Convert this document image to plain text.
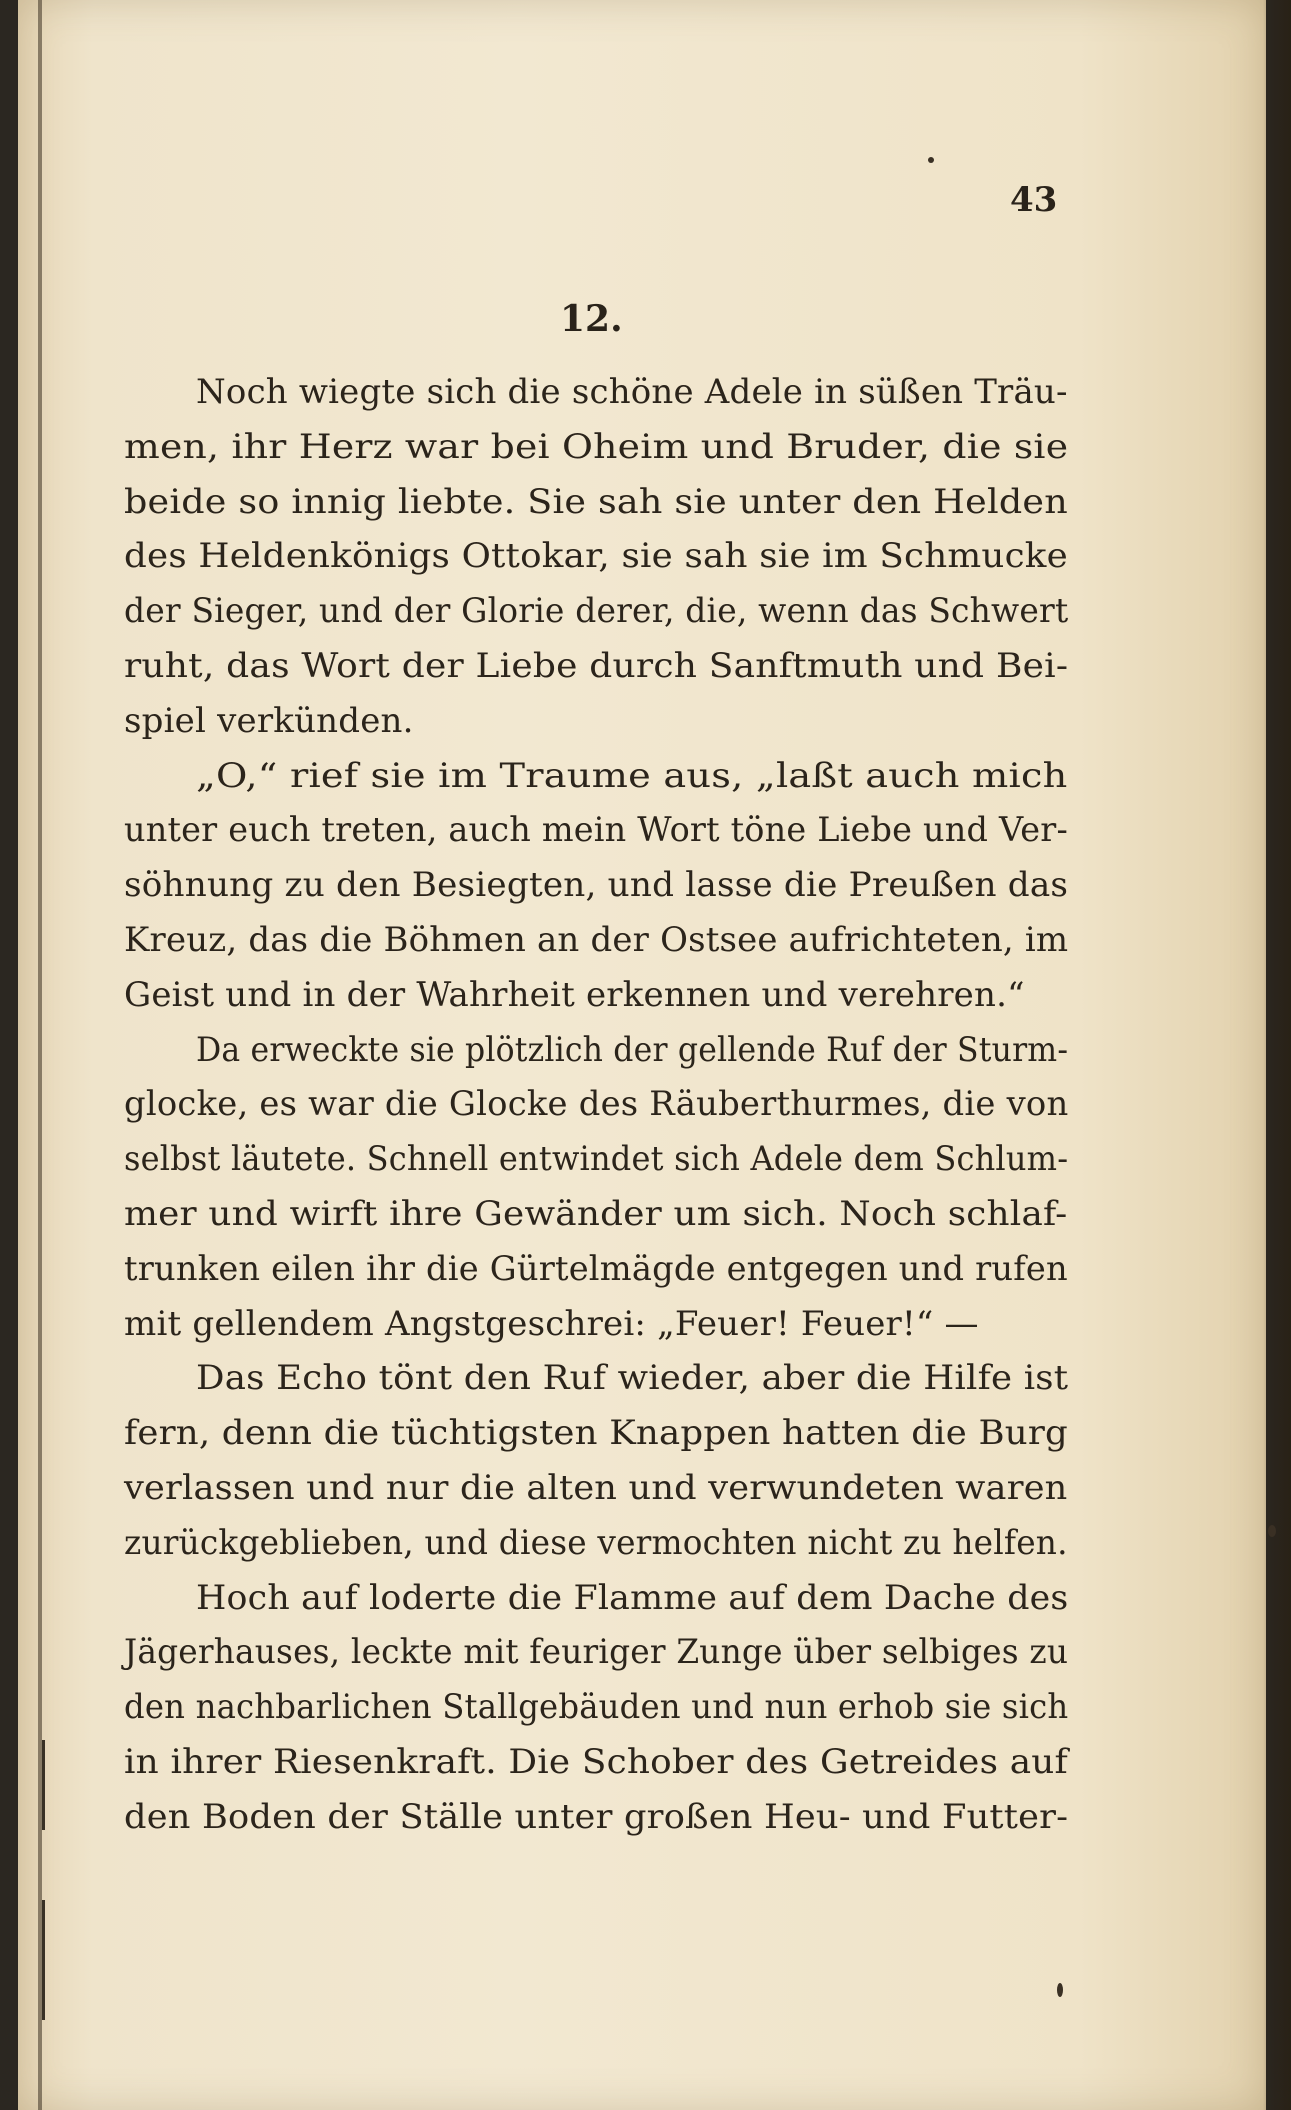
43
12.
Noch wiegte sich die schöne Adele in süßen Träu-
men, ihr Herz war bei Oheim und Bruder, die sie
beide so innig liebte. Sie sah sie unter den Helden
des Heldenkönigs Ottokar, sie sah sie im Schmucke
der Sieger, und der Glorie derer, die, wenn das Schwert
ruht, das Wort der Liebe durch Sanftmuth und Bei-
spiel verkünden.
„O,“ rief sie im Traume aus, „laßt auch mich
unter euch treten, auch mein Wort töne Liebe und Ver-
söhnung zu den Besiegten, und lasse die Preußen das
Kreuz, das die Böhmen an der Ostsee aufrichteten, im
Geist und in der Wahrheit erkennen und verehren.“
Da erweckte sie plötzlich der gellende Ruf der Sturm-
glocke, es war die Glocke des Räuberthurmes, die von
selbst läutete. Schnell entwindet sich Adele dem Schlum-
mer und wirft ihre Gewänder um sich. Noch schlaf-
trunken eilen ihr die Gürtelmägde entgegen und rufen
mit gellendem Angstgeschrei: „Feuer! Feuer!“ —
Das Echo tönt den Ruf wieder, aber die Hilfe ist
fern, denn die tüchtigsten Knappen hatten die Burg
verlassen und nur die alten und verwundeten waren
zurückgeblieben, und diese vermochten nicht zu helfen.
Hoch auf loderte die Flamme auf dem Dache des
Jägerhauses, leckte mit feuriger Zunge über selbiges zu
den nachbarlichen Stallgebäuden und nun erhob sie sich
in ihrer Riesenkraft. Die Schober des Getreides auf
den Boden der Ställe unter großen Heu- und Futter-
